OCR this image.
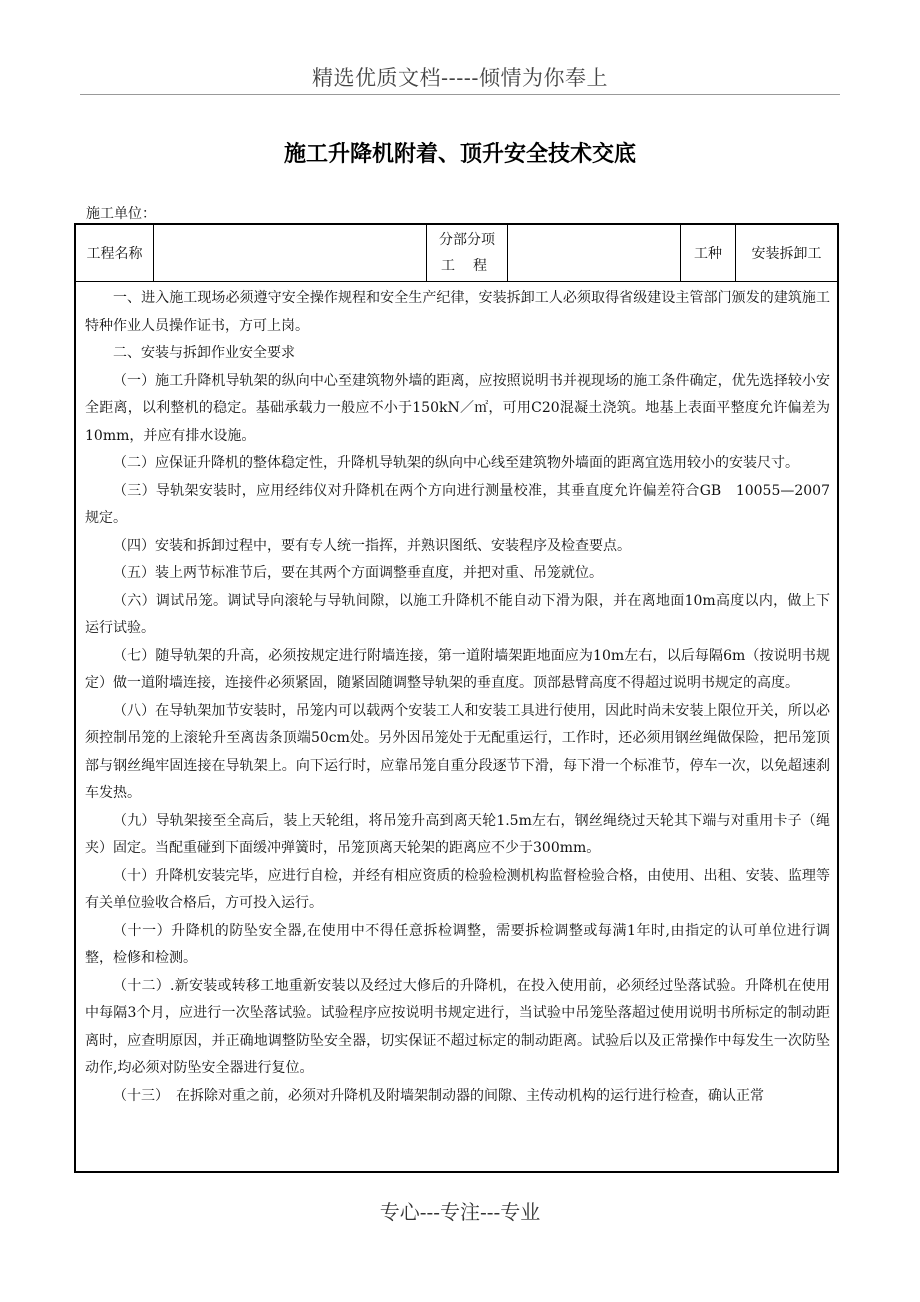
精选优质文档-----倾情为你奉上
施工升降机附着、顶升安全技术交底
施工单位：
工程名称
分部分项
工 程
工种	安装拆卸工

一、进入施工现场必须遵守安全操作规程和安全生产纪律，安装拆卸工人必须取得省级建设主管部门颁发的建筑施工特种作业人员操作证书，方可上岗。

二、安装与拆卸作业安全要求

（一）施工升降机导轨架的纵向中心至建筑物外墙的距离，应按照说明书并视现场的施工条件确定，优先选择较小安全距离，以利整机的稳定。基础承载力一般应不小于150kN／㎡，可用C20混凝土浇筑。地基上表面平整度允许偏差为10mm，并应有排水设施。

（二）应保证升降机的整体稳定性，升降机导轨架的纵向中心线至建筑物外墙面的距离宜选用较小的安装尺寸。

（三）导轨架安装时，应用经纬仪对升降机在两个方向进行测量校准，其垂直度允许偏差符合GB　10055—2007规定。

（四）安装和拆卸过程中，要有专人统一指挥，并熟识图纸、安装程序及检查要点。

（五）装上两节标准节后，要在其两个方面调整垂直度，并把对重、吊笼就位。

（六）调试吊笼。调试导向滚轮与导轨间隙，以施工升降机不能自动下滑为限，并在离地面10m高度以内，做上下运行试验。

（七）随导轨架的升高，必须按规定进行附墙连接，第一道附墙架距地面应为10m左右，以后每隔6m（按说明书规定）做一道附墙连接，连接件必须紧固，随紧固随调整导轨架的垂直度。顶部悬臂高度不得超过说明书规定的高度。

（八）在导轨架加节安装时，吊笼内可以载两个安装工人和安装工具进行使用，因此时尚未安装上限位开关，所以必须控制吊笼的上滚轮升至离齿条顶端50cm处。另外因吊笼处于无配重运行，工作时，还必须用钢丝绳做保险，把吊笼顶部与钢丝绳牢固连接在导轨架上。向下运行时，应靠吊笼自重分段逐节下滑，每下滑一个标准节，停车一次，以免超速刹车发热。

（九）导轨架接至全高后，装上天轮组，将吊笼升高到离天轮1.5m左右，钢丝绳绕过天轮其下端与对重用卡子（绳夹）固定。当配重碰到下面缓冲弹簧时，吊笼顶离天轮架的距离应不少于300mm。

（十）升降机安装完毕，应进行自检，并经有相应资质的检验检测机构监督检验合格，由使用、出租、安装、监理等有关单位验收合格后，方可投入运行。

（十一）升降机的防坠安全器,在使用中不得任意拆检调整，需要拆检调整或每满1年时,由指定的认可单位进行调整，检修和检测。

（十二）.新安装或转移工地重新安装以及经过大修后的升降机，在投入使用前，必须经过坠落试验。升降机在使用中每隔3个月，应进行一次坠落试验。试验程序应按说明书规定进行，当试验中吊笼坠落超过使用说明书所标定的制动距离时，应查明原因，并正确地调整防坠安全器，切实保证不超过标定的制动距离。试验后以及正常操作中每发生一次防坠动作,均必须对防坠安全器进行复位。

（十三）　在拆除对重之前，必须对升降机及附墙架制动器的间隙、主传动机构的运行进行检查，确认正常

专心---专注---专业
